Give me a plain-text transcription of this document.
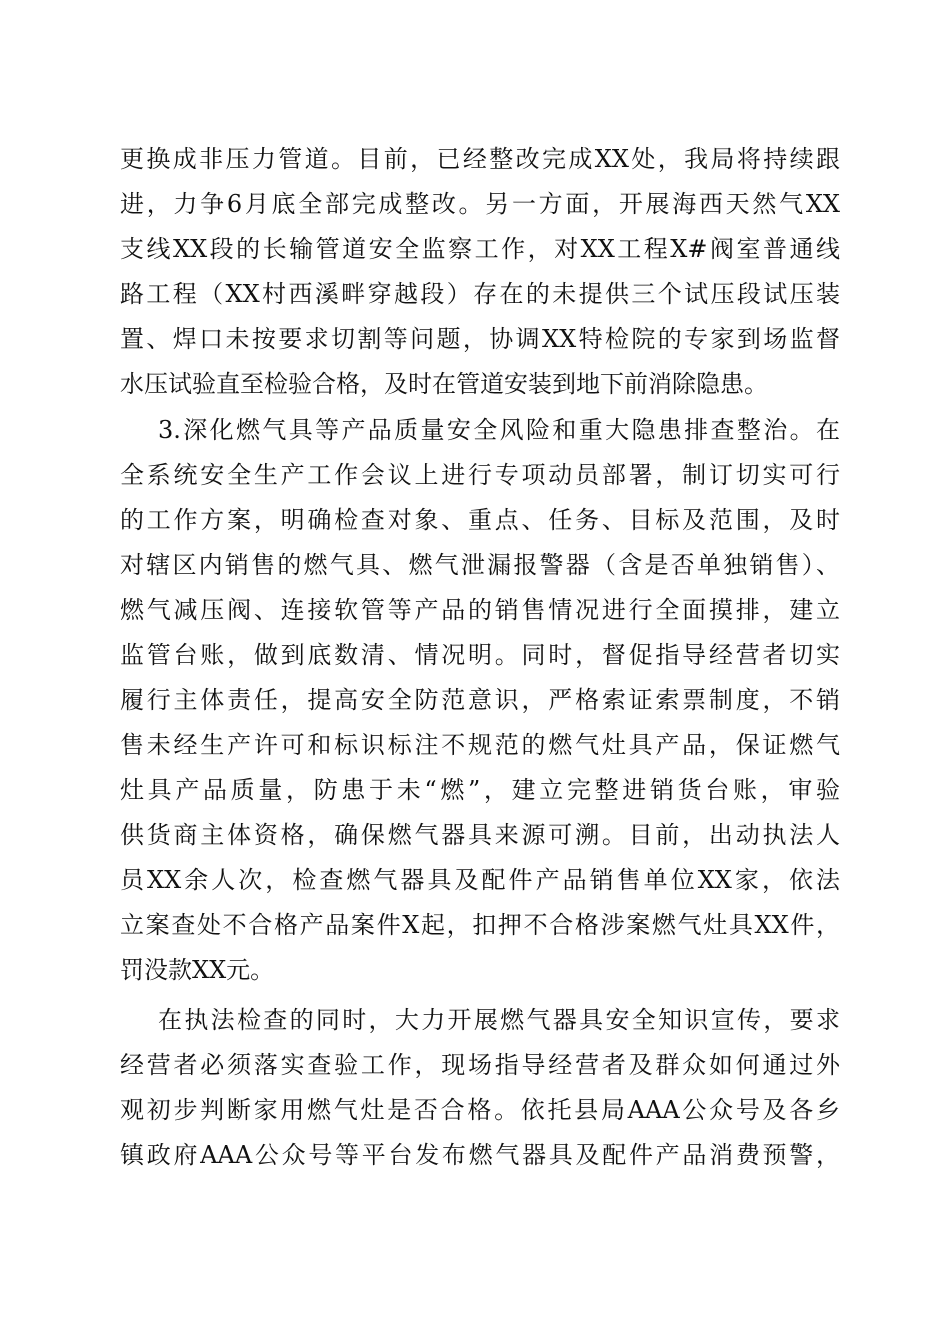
更换成非压力管道。目前，已经整改完成XX处，我局将持续跟
进，力争6月底全部完成整改。另一方面，开展海西天然气XX
支线XX段的长输管道安全监察工作，对XX工程X#阀室普通线
路工程（XX村西溪畔穿越段）存在的未提供三个试压段试压装
置、焊口未按要求切割等问题，协调XX特检院的专家到场监督
水压试验直至检验合格，及时在管道安装到地下前消除隐患。
3.深化燃气具等产品质量安全风险和重大隐患排查整治。在
全系统安全生产工作会议上进行专项动员部署，制订切实可行
的工作方案，明确检查对象、重点、任务、目标及范围，及时
对辖区内销售的燃气具、燃气泄漏报警器（含是否单独销售）、
燃气减压阀、连接软管等产品的销售情况进行全面摸排，建立
监管台账，做到底数清、情况明。同时，督促指导经营者切实
履行主体责任，提高安全防范意识，严格索证索票制度，不销
售未经生产许可和标识标注不规范的燃气灶具产品，保证燃气
灶具产品质量，防患于未“燃”，建立完整进销货台账，审验
供货商主体资格，确保燃气器具来源可溯。目前，出动执法人
员XX余人次，检查燃气器具及配件产品销售单位XX家，依法
立案查处不合格产品案件X起，扣押不合格涉案燃气灶具XX件，
罚没款XX元。
在执法检查的同时，大力开展燃气器具安全知识宣传，要求
经营者必须落实查验工作，现场指导经营者及群众如何通过外
观初步判断家用燃气灶是否合格。依托县局AAA公众号及各乡
镇政府AAA公众号等平台发布燃气器具及配件产品消费预警，
